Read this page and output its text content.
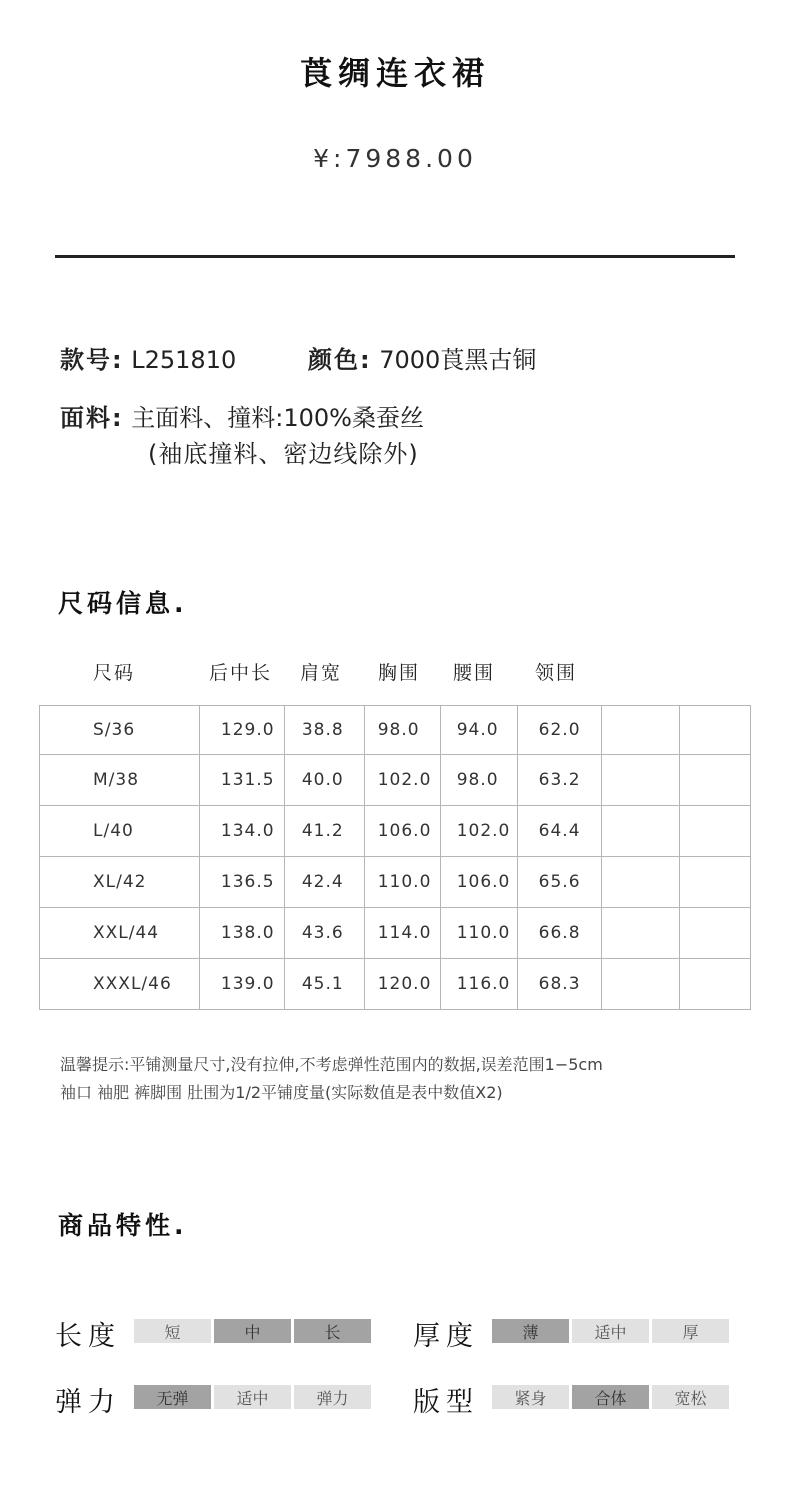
莨绸连衣裙
¥:7988.00
款号: L251810	颜色: 7000莨黑古铜
面料: 主面料、撞料:100%桑蚕丝
(袖底撞料、密边线除外)
尺码信息.
尺码	后中长 肩宽 胸围 腰围 领围
S/36	129.0	38.8	98.0	94.0	62.0		
M/38	131.5	40.0	102.0	98.0	63.2		
L/40	134.0	41.2	106.0	102.0	64.4		
XL/42	136.5	42.4	110.0	106.0	65.6		
XXL/44	138.0	43.6	114.0	110.0	66.8		
XXXL/46	139.0	45.1	120.0	116.0	68.3		
温馨提示:平铺测量尺寸,没有拉伸,不考虑弹性范围内的数据,误差范围1−5cm
袖口 袖肥 裤脚围 肚围为1/2平铺度量(实际数值是表中数值X2)
商品特性.
长度	短	中	长	厚度	薄	适中	厚
弹力	无弹	适中	弹力	版型	紧身	合体	宽松
